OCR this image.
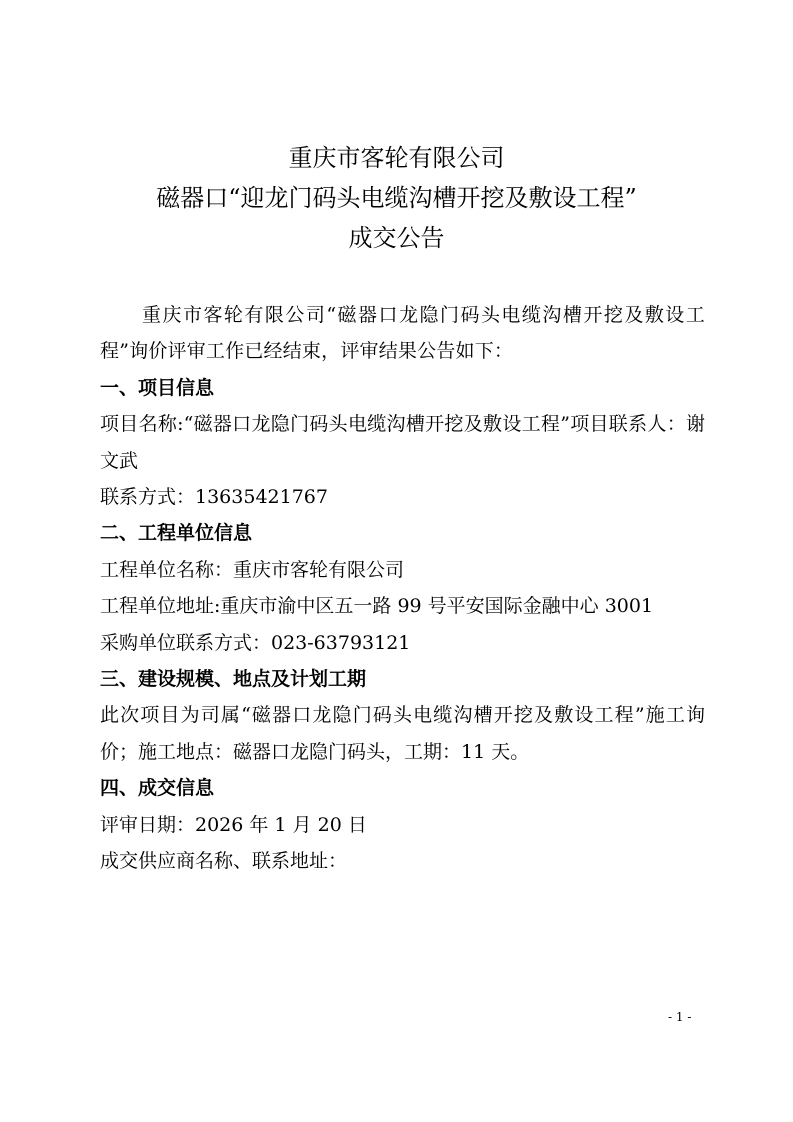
重庆市客轮有限公司
磁器口“迎龙门码头电缆沟槽开挖及敷设工程”
成交公告
重庆市客轮有限公司“磁器口龙隐门码头电缆沟槽开挖及敷设工程”询价评审工作已经结束，评审结果公告如下：
一、项目信息
项目名称:“磁器口龙隐门码头电缆沟槽开挖及敷设工程”项目联系人：谢文武
联系方式：13635421767
二、工程单位信息
工程单位名称：重庆市客轮有限公司
工程单位地址:重庆市渝中区五一路 99 号平安国际金融中心 3001
采购单位联系方式：023-63793121
三、建设规模、地点及计划工期
此次项目为司属“磁器口龙隐门码头电缆沟槽开挖及敷设工程”施工询价；施工地点：磁器口龙隐门码头，工期：11 天。
四、成交信息
评审日期：2026 年 1 月 20 日
成交供应商名称、联系地址：
- 1 -
